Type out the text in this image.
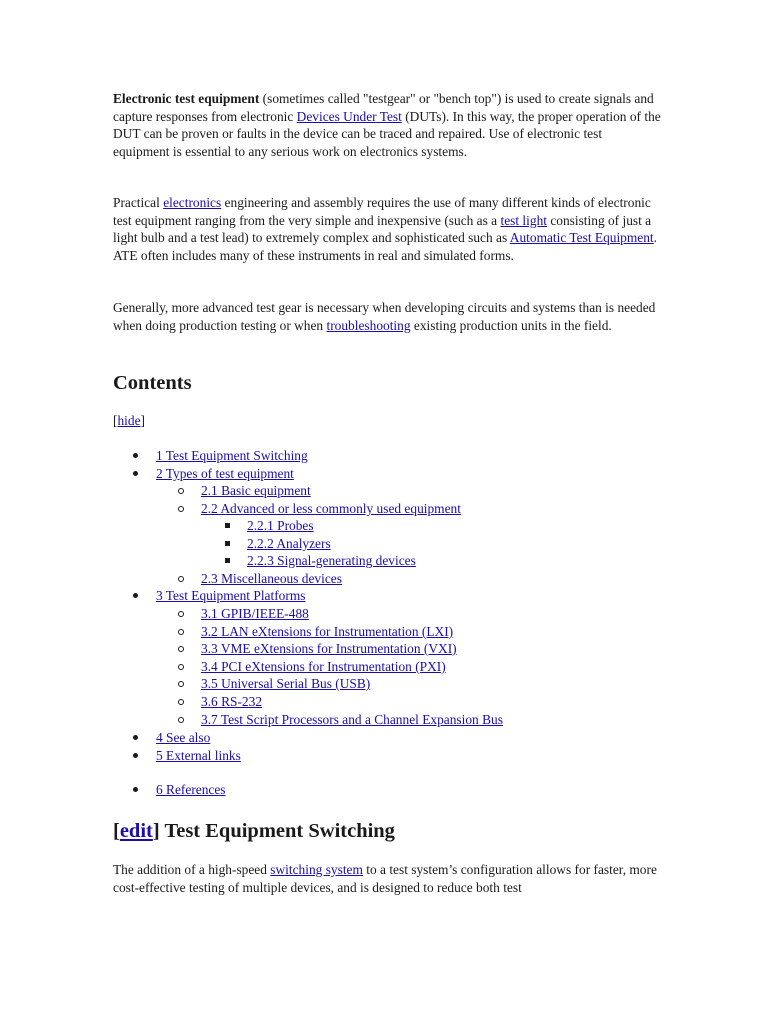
Electronic test equipment (sometimes called "testgear" or "bench top") is used to create signals and capture responses from electronic Devices Under Test (DUTs). In this way, the proper operation of the DUT can be proven or faults in the device can be traced and repaired. Use of electronic test equipment is essential to any serious work on electronics systems.

Practical electronics engineering and assembly requires the use of many different kinds of electronic test equipment ranging from the very simple and inexpensive (such as a test light consisting of just a light bulb and a test lead) to extremely complex and sophisticated such as Automatic Test Equipment. ATE often includes many of these instruments in real and simulated forms.

Generally, more advanced test gear is necessary when developing circuits and systems than is needed when doing production testing or when troubleshooting existing production units in the field.

Contents
[hide]
1 Test Equipment Switching
2 Types of test equipment
2.1 Basic equipment
2.2 Advanced or less commonly used equipment
2.2.1 Probes
2.2.2 Analyzers
2.2.3 Signal-generating devices
2.3 Miscellaneous devices
3 Test Equipment Platforms
3.1 GPIB/IEEE-488
3.2 LAN eXtensions for Instrumentation (LXI)
3.3 VME eXtensions for Instrumentation (VXI)
3.4 PCI eXtensions for Instrumentation (PXI)
3.5 Universal Serial Bus (USB)
3.6 RS-232
3.7 Test Script Processors and a Channel Expansion Bus
4 See also
5 External links
6 References
[edit] Test Equipment Switching

The addition of a high-speed switching system to a test system’s configuration allows for faster, more cost-effective testing of multiple devices, and is designed to reduce both test
